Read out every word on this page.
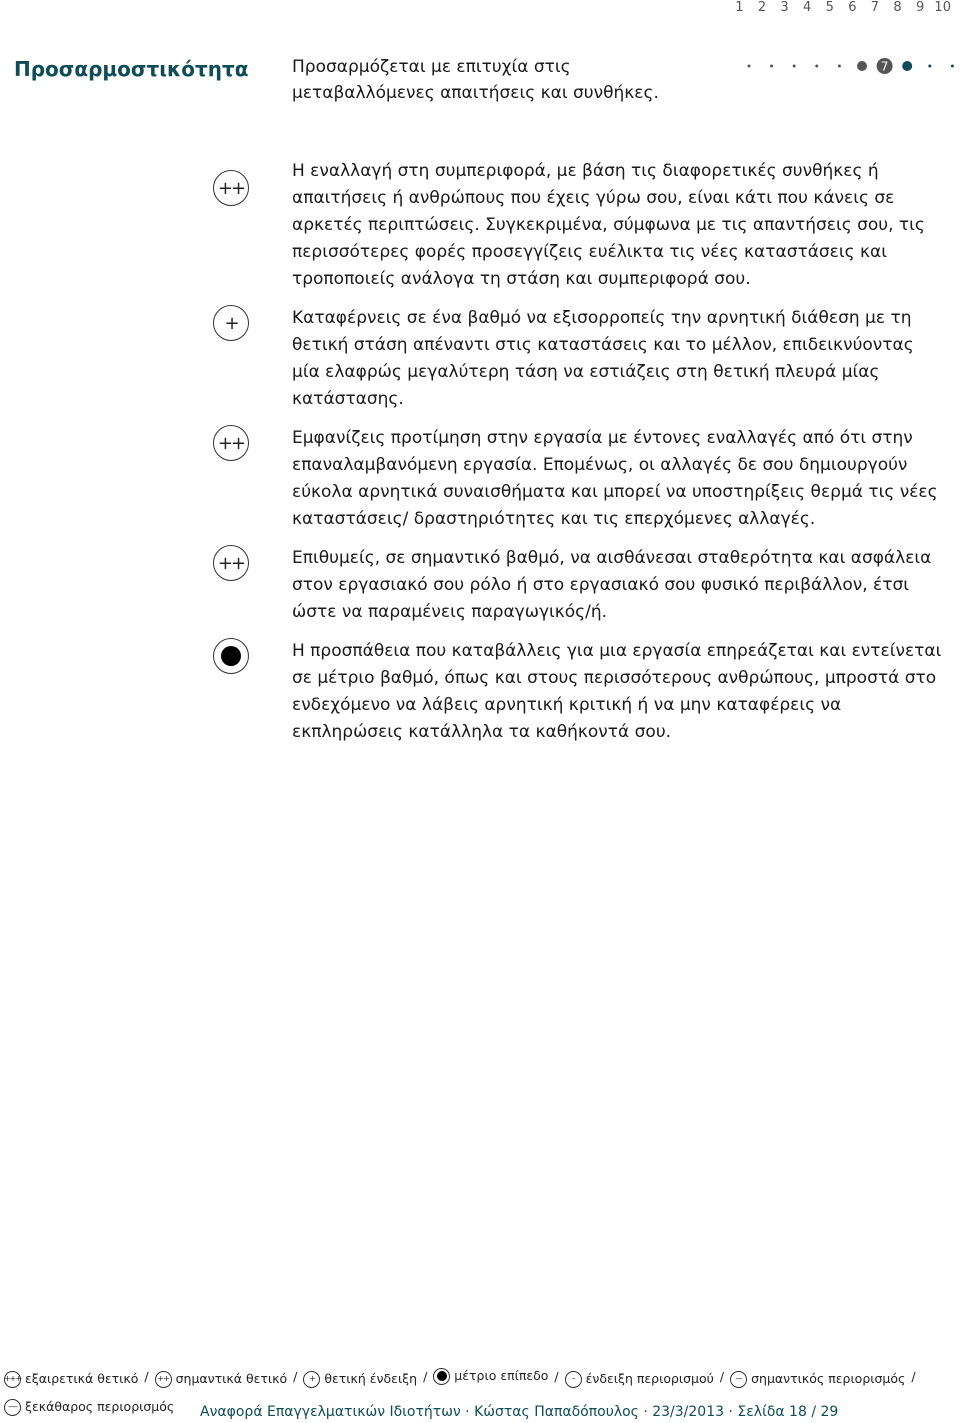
1	2	3	4	5	6	7	8	9 10
Προσαρμοστικότητα	Προσαρμόζεται με επιτυχία στις μεταβαλλόμενες απαιτήσεις και συνθήκες.
7
++
Η εναλλαγή στη συμπεριφορά, με βάση τις διαφορετικές συνθήκες ή απαιτήσεις ή ανθρώπους που έχεις γύρω σου, είναι κάτι που κάνεις σε αρκετές περιπτώσεις. Συγκεκριμένα, σύμφωνα με τις απαντήσεις σου, τις περισσότερες φορές προσεγγίζεις ευέλικτα τις νέες καταστάσεις και τροποποιείς ανάλογα τη στάση και συμπεριφορά σου.
+	Καταφέρνεις σε ένα βαθμό να εξισορροπείς την αρνητική διάθεση με τη θετική στάση απέναντι στις καταστάσεις και το μέλλον, επιδεικνύοντας μία ελαφρώς μεγαλύτερη τάση να εστιάζεις στη θετική πλευρά μίας κατάστασης.
++	Εμφανίζεις προτίμηση στην εργασία με έντονες εναλλαγές από ότι στην επαναλαμβανόμενη εργασία. Επομένως, οι αλλαγές δε σου δημιουργούν εύκολα αρνητικά συναισθήματα και μπορεί να υποστηρίξεις θερμά τις νέες καταστάσεις/ δραστηριότητες και τις επερχόμενες αλλαγές.
++	Επιθυμείς, σε σημαντικό βαθμό, να αισθάνεσαι σταθερότητα και ασφάλεια στον εργασιακό σου ρόλο ή στο εργασιακό σου φυσικό περιβάλλον, έτσι ώστε να παραμένεις παραγωγικός/ή.
Η προσπάθεια που καταβάλλεις για μια εργασία επηρεάζεται και εντείνεται σε μέτριο βαθμό, όπως και στους περισσότερους ανθρώπους, μπροστά στο ενδεχόμενο να λάβεις αρνητική κριτική ή να μην καταφέρεις να εκπληρώσεις κατάλληλα τα καθήκοντά σου.
+++ εξαιρετικά θετικό /	++ σημαντικά θετικό /	+ θετική ένδειξη / μέτριο επίπεδο /	– ένδειξη περιορισμού /	–– σημαντικός περιορισμός /
––– ξεκάθαρος περιορισμός Αναφορά Επαγγελματικών Ιδιοτήτων · Κώστας Παπαδόπουλος · 23/3/2013 · Σελίδα 18 / 29
